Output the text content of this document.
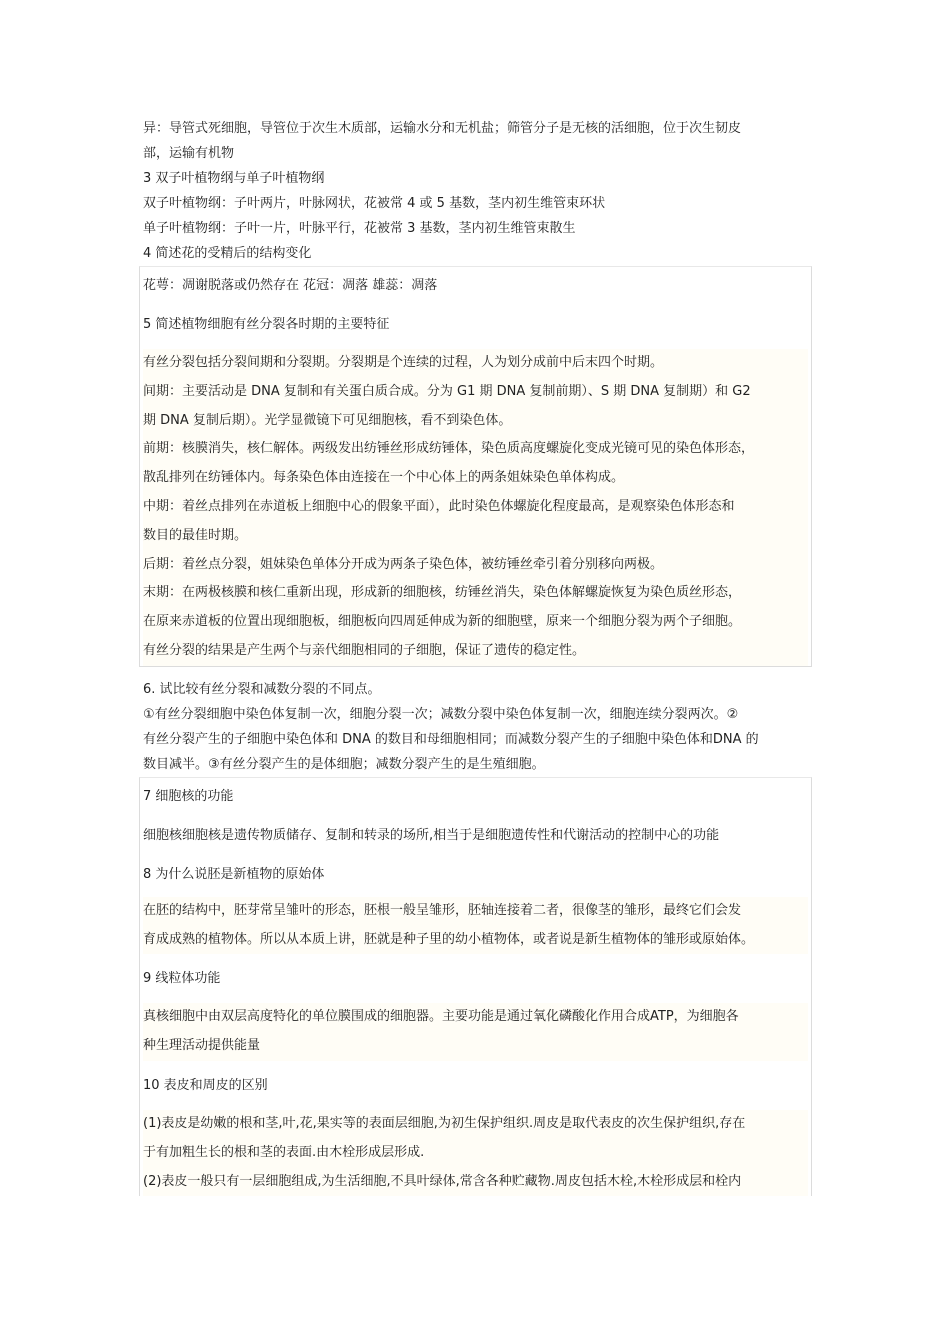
异：导管式死细胞，导管位于次生木质部，运输水分和无机盐；筛管分子是无核的活细胞，位于次生韧皮

部，运输有机物

3 双子叶植物纲与单子叶植物纲

双子叶植物纲：子叶两片，叶脉网状，花被常 4 或 5 基数，茎内初生维管束环状

单子叶植物纲：子叶一片，叶脉平行，花被常 3 基数，茎内初生维管束散生

4 简述花的受精后的结构变化

花萼：凋谢脱落或仍然存在 花冠：凋落 雄蕊：凋落

5 简述植物细胞有丝分裂各时期的主要特征

有丝分裂包括分裂间期和分裂期。分裂期是个连续的过程，人为划分成前中后末四个时期。

间期：主要活动是 DNA 复制和有关蛋白质合成。分为 G1 期 DNA 复制前期）、S 期 DNA 复制期）和 G2

期 DNA 复制后期）。光学显微镜下可见细胞核，看不到染色体。

前期：核膜消失，核仁解体。两级发出纺锤丝形成纺锤体，染色质高度螺旋化变成光镜可见的染色体形态，

散乱排列在纺锤体内。每条染色体由连接在一个中心体上的两条姐妹染色单体构成。

中期：着丝点排列在赤道板上细胞中心的假象平面），此时染色体螺旋化程度最高，是观察染色体形态和

数目的最佳时期。

后期：着丝点分裂，姐妹染色单体分开成为两条子染色体，被纺锤丝牵引着分别移向两极。

末期：在两极核膜和核仁重新出现，形成新的细胞核，纺锤丝消失，染色体解螺旋恢复为染色质丝形态，

在原来赤道板的位置出现细胞板，细胞板向四周延伸成为新的细胞壁，原来一个细胞分裂为两个子细胞。

有丝分裂的结果是产生两个与亲代细胞相同的子细胞，保证了遗传的稳定性。

6. 试比较有丝分裂和减数分裂的不同点。

①有丝分裂细胞中染色体复制一次，细胞分裂一次；减数分裂中染色体复制一次，细胞连续分裂两次。②

有丝分裂产生的子细胞中染色体和 DNA 的数目和母细胞相同；而减数分裂产生的子细胞中染色体和DNA 的

数目减半。③有丝分裂产生的是体细胞；减数分裂产生的是生殖细胞。

7 细胞核的功能

细胞核细胞核是遗传物质储存、复制和转录的场所,相当于是细胞遗传性和代谢活动的控制中心的功能

8 为什么说胚是新植物的原始体

在胚的结构中，胚芽常呈雏叶的形态，胚根一般呈雏形，胚轴连接着二者，很像茎的雏形，最终它们会发

育成成熟的植物体。所以从本质上讲，胚就是种子里的幼小植物体，或者说是新生植物体的雏形或原始体。

9 线粒体功能

真核细胞中由双层高度特化的单位膜围成的细胞器。主要功能是通过氧化磷酸化作用合成ATP，为细胞各

种生理活动提供能量

10 表皮和周皮的区别

(1)表皮是幼嫩的根和茎,叶,花,果实等的表面层细胞,为初生保护组织.周皮是取代表皮的次生保护组织,存在

于有加粗生长的根和茎的表面.由木栓形成层形成.

(2)表皮一般只有一层细胞组成,为生活细胞,不具叶绿体,常含各种贮藏物.周皮包括木栓,木栓形成层和栓内
